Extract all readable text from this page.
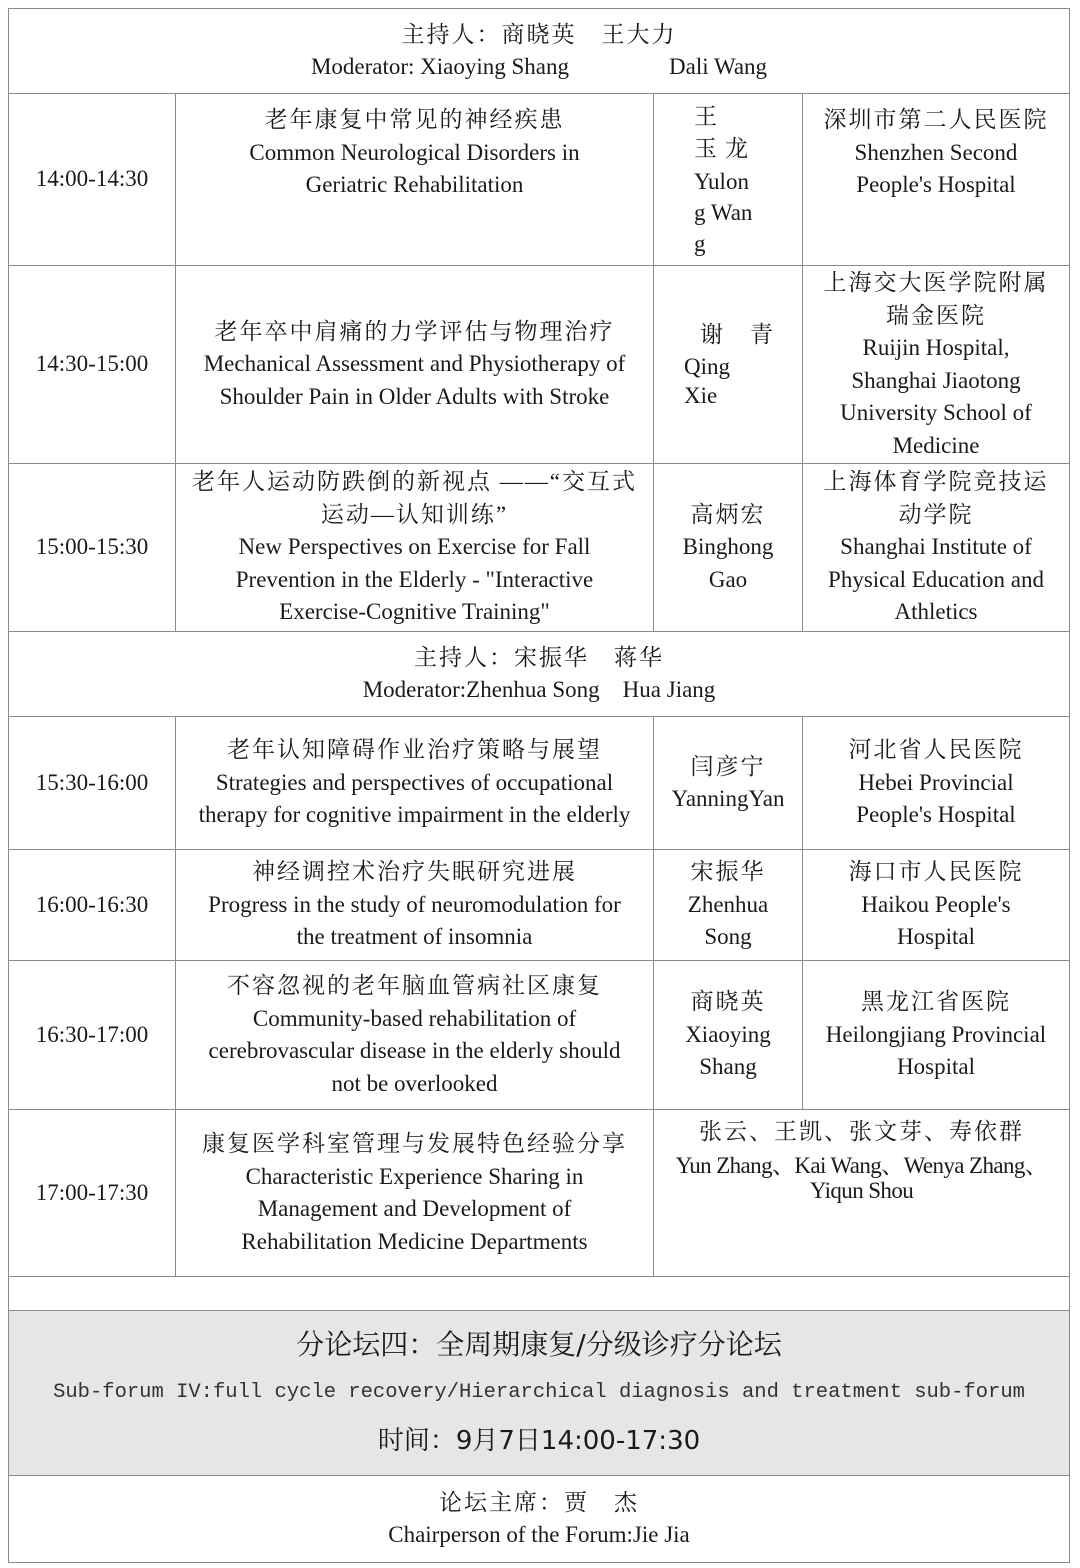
主持人：商晓英　王大力
Moderator: Xiaoying Shang	Dali Wang
14:00-14:30
老年康复中常见的神经疾患
Common Neurological Disorders in Geriatric Rehabilitation
王　玉龙
Yulong Wang
深圳市第二人民医院
Shenzhen Second People's Hospital
14:30-15:00
老年卒中肩痛的力学评估与物理治疗
Mechanical Assessment and Physiotherapy of Shoulder Pain in Older Adults with Stroke
谢　青
Qing Xie
上海交大医学院附属瑞金医院
Ruijin Hospital, Shanghai Jiaotong University School of Medicine
15:00-15:30
老年人运动防跌倒的新视点 ——“交互式运动—认知训练”
New Perspectives on Exercise for Fall Prevention in the Elderly - "Interactive Exercise-Cognitive Training"
高炳宏
Binghong Gao
上海体育学院竞技运动学院
Shanghai Institute of Physical Education and Athletics
主持人：宋振华　蒋华
Moderator:Zhenhua Song　Hua Jiang
15:30-16:00
老年认知障碍作业治疗策略与展望
Strategies and perspectives of occupational therapy for cognitive impairment in the elderly
闫彦宁
YanningYan
河北省人民医院
Hebei Provincial People's Hospital
16:00-16:30
神经调控术治疗失眠研究进展
Progress in the study of neuromodulation for the treatment of insomnia
宋振华
Zhenhua Song
海口市人民医院
Haikou People's Hospital
16:30-17:00
不容忽视的老年脑血管病社区康复
Community-based rehabilitation of cerebrovascular disease in the elderly should not be overlooked
商晓英
Xiaoying Shang
黑龙江省医院
Heilongjiang Provincial Hospital
17:00-17:30
康复医学科室管理与发展特色经验分享
Characteristic Experience Sharing in Management and Development of Rehabilitation Medicine Departments
张云、王凯、张文芽、寿依群
Yun Zhang、Kai Wang、Wenya Zhang、Yiqun Shou
分论坛四：全周期康复/分级诊疗分论坛
Sub-forum IV:full cycle recovery/Hierarchical diagnosis and treatment sub-forum
时间：9月7日14:00-17:30
论坛主席：贾　杰
Chairperson of the Forum:Jie Jia
